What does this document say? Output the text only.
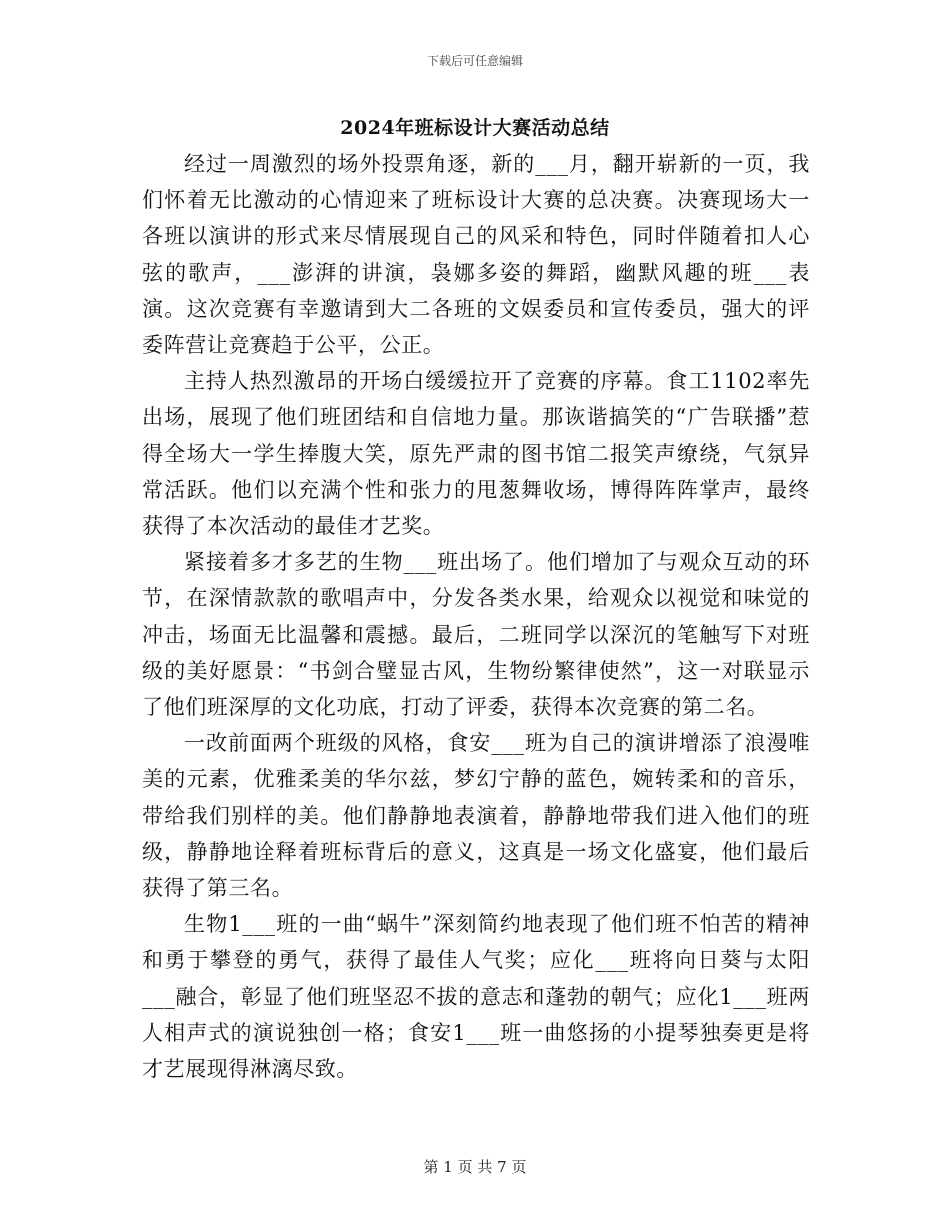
下载后可任意编辑
2024年班标设计大赛活动总结

经过一周激烈的场外投票角逐，新的___月，翻开崭新的一页，我们怀着无比激动的心情迎来了班标设计大赛的总决赛。决赛现场大一各班以演讲的形式来尽情展现自己的风采和特色，同时伴随着扣人心弦的歌声，___澎湃的讲演，袅娜多姿的舞蹈，幽默风趣的班___表演。这次竞赛有幸邀请到大二各班的文娱委员和宣传委员，强大的评委阵营让竞赛趋于公平，公正。

主持人热烈激昂的开场白缓缓拉开了竞赛的序幕。食工1102率先出场，展现了他们班团结和自信地力量。那诙谐搞笑的“广告联播”惹得全场大一学生捧腹大笑，原先严肃的图书馆二报笑声缭绕，气氛异常活跃。他们以充满个性和张力的甩葱舞收场，博得阵阵掌声，最终获得了本次活动的最佳才艺奖。

紧接着多才多艺的生物___班出场了。他们增加了与观众互动的环节，在深情款款的歌唱声中，分发各类水果，给观众以视觉和味觉的冲击，场面无比温馨和震撼。最后，二班同学以深沉的笔触写下对班级的美好愿景：“书剑合璧显古风，生物纷繁律使然”，这一对联显示了他们班深厚的文化功底，打动了评委，获得本次竞赛的第二名。

一改前面两个班级的风格，食安___班为自己的演讲增添了浪漫唯美的元素，优雅柔美的华尔兹，梦幻宁静的蓝色，婉转柔和的音乐，带给我们别样的美。他们静静地表演着，静静地带我们进入他们的班级，静静地诠释着班标背后的意义，这真是一场文化盛宴，他们最后获得了第三名。

生物1___班的一曲“蜗牛”深刻简约地表现了他们班不怕苦的精神和勇于攀登的勇气，获得了最佳人气奖；应化___班将向日葵与太阳___融合，彰显了他们班坚忍不拔的意志和蓬勃的朝气；应化1___班两人相声式的演说独创一格；食安1___班一曲悠扬的小提琴独奏更是将才艺展现得淋漓尽致。

第 1 页 共 7 页
